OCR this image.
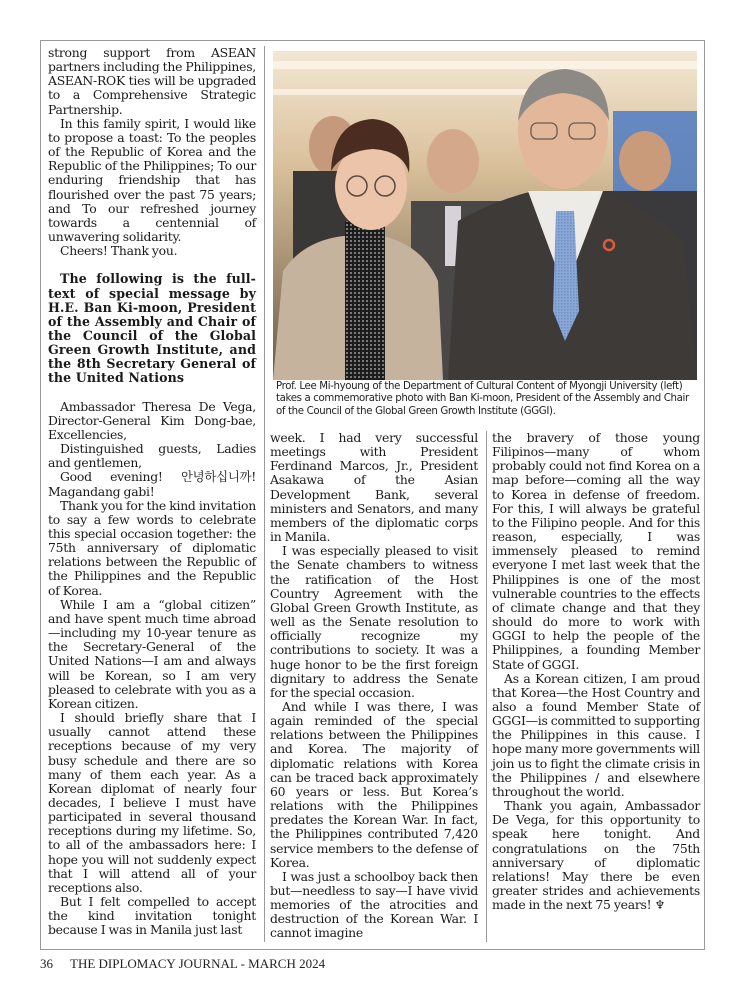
strong support from ASEAN partners including the Philippines, ASEAN-ROK ties will be upgraded to a Comprehensive Strategic Partnership.

In this family spirit, I would like to propose a toast: To the peoples of the Republic of Korea and the Republic of the Philippines; To our enduring friendship that has flourished over the past 75 years; and To our refreshed journey towards a centennial of unwavering solidarity.

Cheers! Thank you.

The following is the full-text of special message by H.E. Ban Ki-moon, President of the Assembly and Chair of the Council of the Global Green Growth Institute, and the 8th Secretary General of the United Nations

Ambassador Theresa De Vega, Director-General Kim Dong-bae, Excellencies,

Distinguished guests, Ladies and gentlemen,

Good evening! 안녕하십니까! Magandang gabi!

Thank you for the kind invitation to say a few words to celebrate this special occasion together: the 75th anniversary of diplomatic relations between the Republic of the Philippines and the Republic of Korea.

While I am a “global citizen” and have spent much time abroad—including my 10-year tenure as the Secretary-General of the United Nations—I am and always will be Korean, so I am very pleased to celebrate with you as a Korean citizen.

I should briefly share that I usually cannot attend these receptions because of my very busy schedule and there are so many of them each year. As a Korean diplomat of nearly four decades, I believe I must have participated in several thousand receptions during my lifetime. So, to all of the ambassadors here: I hope you will not suddenly expect that I will attend all of your receptions also.

But I felt compelled to accept the kind invitation tonight because I was in Manila just last

Prof. Lee Mi-hyoung of the Department of Cultural Content of Myongji University (left) takes a commemorative photo with Ban Ki-moon, President of the Assembly and Chair of the Council of the Global Green Growth Institute (GGGI).

week. I had very successful meetings with President Ferdinand Marcos, Jr., President Asakawa of the Asian Development Bank, several ministers and Senators, and many members of the diplomatic corps in Manila.

I was especially pleased to visit the Senate chambers to witness the ratification of the Host Country Agreement with the Global Green Growth Institute, as well as the Senate resolution to officially recognize my contributions to society. It was a huge honor to be the first foreign dignitary to address the Senate for the special occasion.

And while I was there, I was again reminded of the special relations between the Philippines and Korea. The majority of diplomatic relations with Korea can be traced back approximately 60 years or less. But Korea’s relations with the Philippines predates the Korean War. In fact, the Philippines contributed 7,420 service members to the defense of Korea.

I was just a schoolboy back then but—needless to say—I have vivid memories of the atrocities and destruction of the Korean War. I cannot imagine

the bravery of those young Filipinos—many of whom probably could not find Korea on a map before—coming all the way to Korea in defense of freedom. For this, I will always be grateful to the Filipino people. And for this reason, especially, I was immensely pleased to remind everyone I met last week that the Philippines is one of the most vulnerable countries to the effects of climate change and that they should do more to work with GGGI to help the people of the Philippines, a founding Member State of GGGI.

As a Korean citizen, I am proud that Korea—the Host Country and also a found Member State of GGGI—is committed to supporting the Philippines in this cause. I hope many more governments will join us to fight the climate crisis in the Philippines / and elsewhere throughout the world.

Thank you again, Ambassador De Vega, for this opportunity to speak here tonight. And congratulations on the 75th anniversary of diplomatic relations! May there be even greater strides and achievements made in the next 75 years! ♆

36 THE DIPLOMACY JOURNAL - MARCH 2024
